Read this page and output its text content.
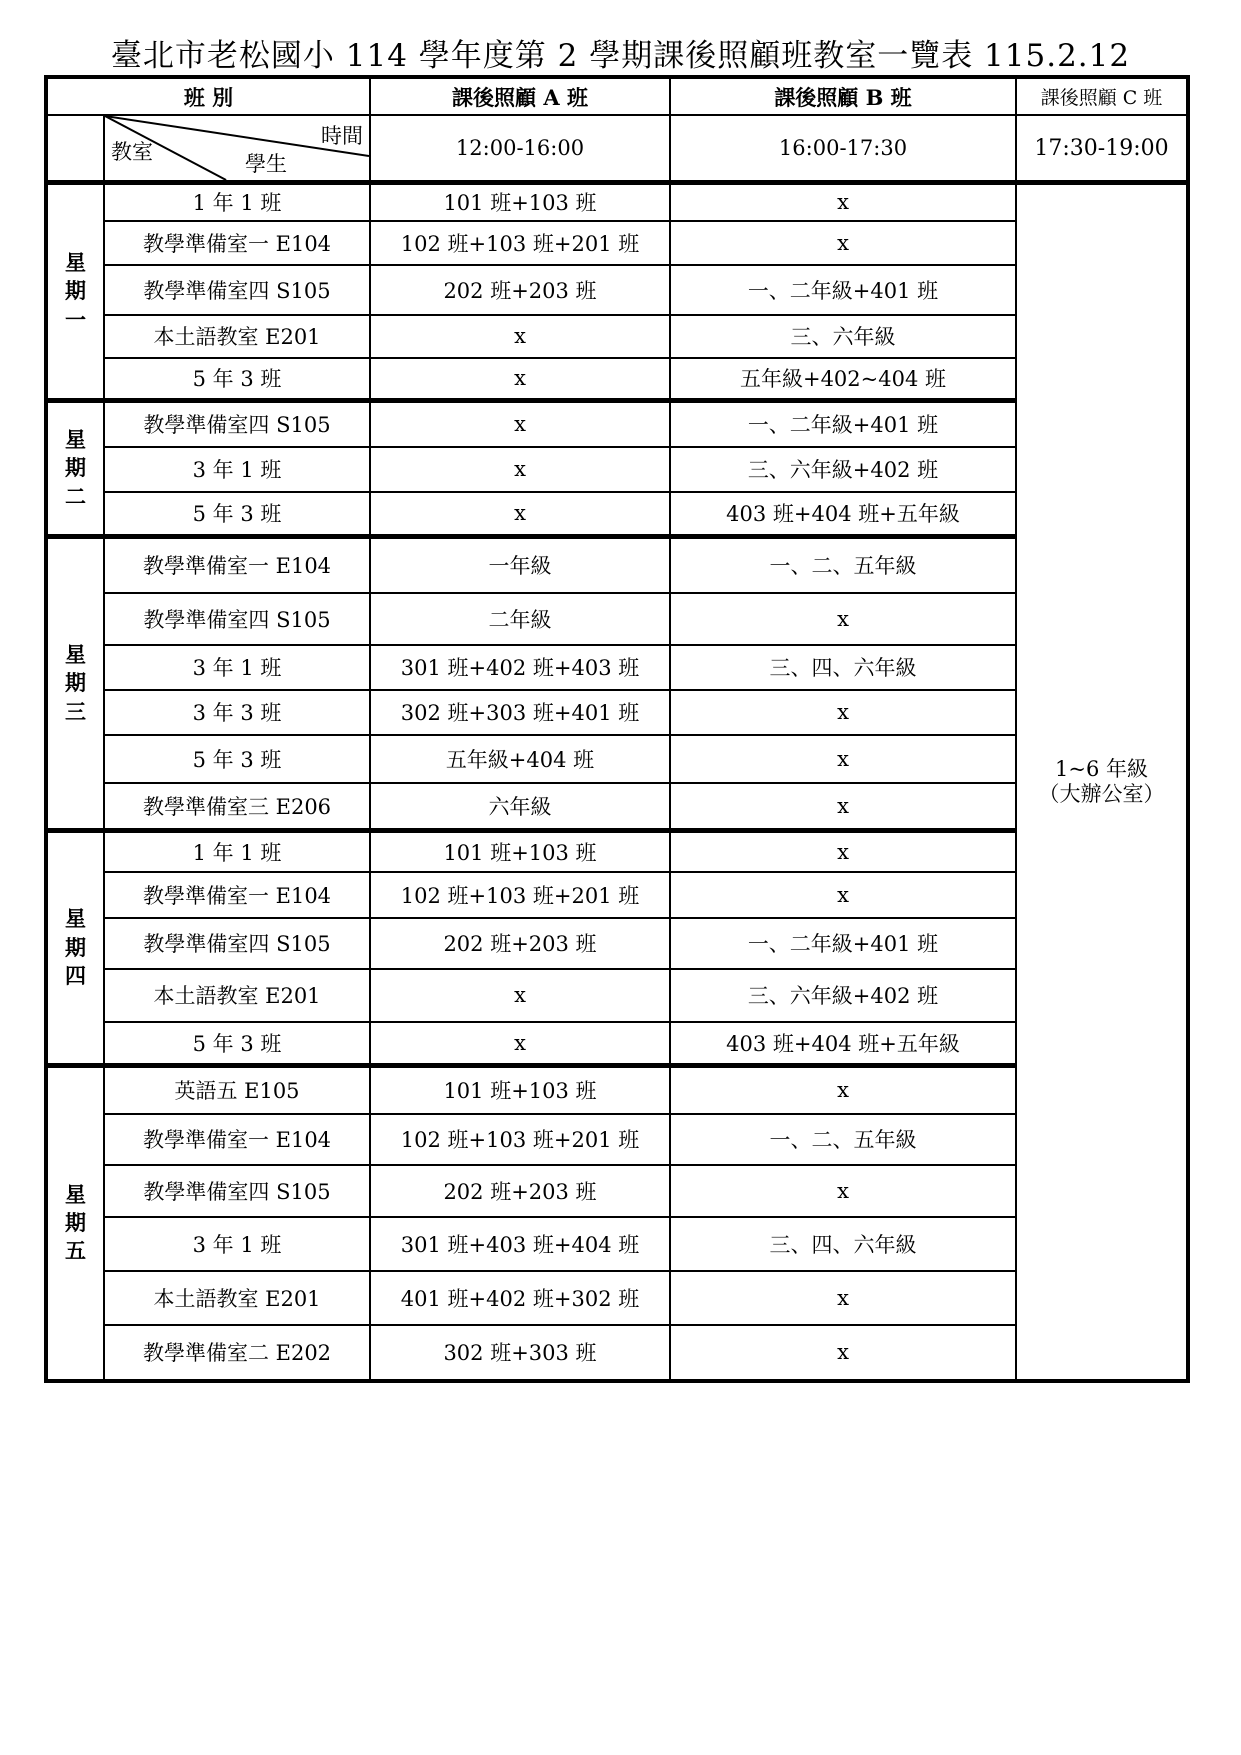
臺北市老松國小 114 學年度第 2 學期課後照顧班教室一覽表 115.2.12
班 別		課後照顧 A 班	課後照顧 B 班	課後照顧 C 班

	時間
教室 學生	12:00-16:00	16:00-17:30	17:30-19:00
星期一	1 年 1 班	101 班+103 班	x	1~6 年級
（大辦公室）

	教學準備室一 E104	102 班+103 班+201 班	x	
	教學準備室四 S105	202 班+203 班	一、二年級+401 班	
	本土語教室 E201	x	三、六年級	
	5 年 3 班	x	五年級+402~404 班	
星期二	教學準備室四 S105	x	一、二年級+401 班	
	3 年 1 班	x	三、六年級+402 班	
	5 年 3 班	x	403 班+404 班+五年級	
星期三	教學準備室一 E104	一年級	一、二、五年級	
	教學準備室四 S105	二年級	x	
	3 年 1 班	301 班+402 班+403 班	三、四、六年級	
	3 年 3 班	302 班+303 班+401 班	x	
	5 年 3 班	五年級+404 班	x	
	教學準備室三 E206	六年級	x	
星期四	1 年 1 班	101 班+103 班	x	
	教學準備室一 E104	102 班+103 班+201 班	x	
	教學準備室四 S105	202 班+203 班	一、二年級+401 班	
	本土語教室 E201	x	三、六年級+402 班	
	5 年 3 班	x	403 班+404 班+五年級	
星期五	英語五 E105	101 班+103 班	x	
	教學準備室一 E104	102 班+103 班+201 班	一、二、五年級	
	教學準備室四 S105	202 班+203 班	x	
	3 年 1 班	301 班+403 班+404 班	三、四、六年級	
	本土語教室 E201	401 班+402 班+302 班	x	
	教學準備室二 E202	302 班+303 班	x	
